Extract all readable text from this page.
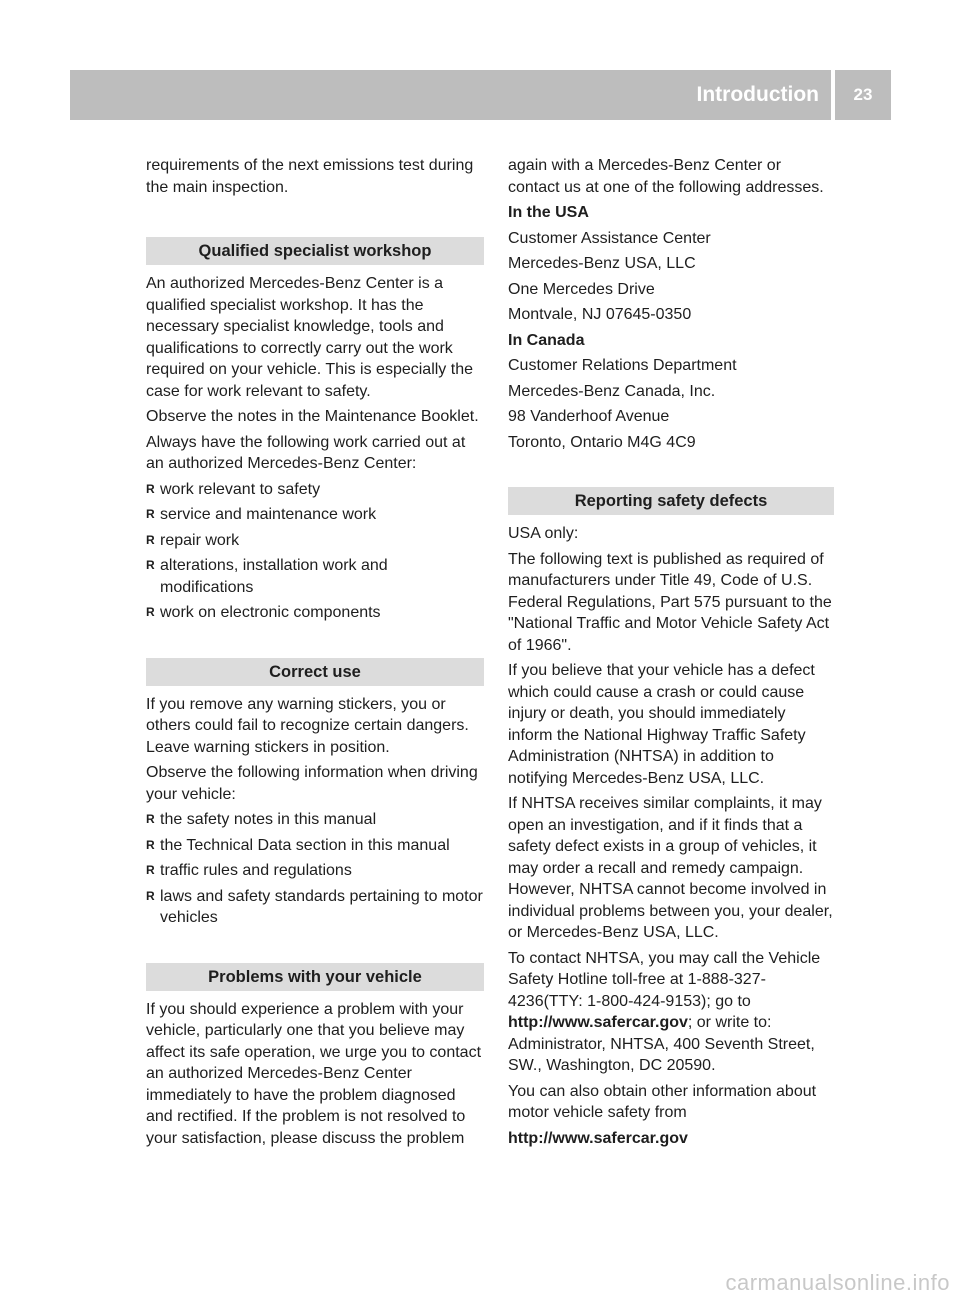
Introduction	23

requirements of the next emissions test during the main inspection.

Qualified specialist workshop

An authorized Mercedes-Benz Center is a qualified specialist workshop. It has the necessary specialist knowledge, tools and qualifications to correctly carry out the work required on your vehicle. This is especially the case for work relevant to safety.

Observe the notes in the Maintenance Booklet.

Always have the following work carried out at an authorized Mercedes-Benz Center:

R work relevant to safety
R service and maintenance work
R repair work
R alterations, installation work and modifications
R work on electronic components
Correct use

If you remove any warning stickers, you or others could fail to recognize certain dangers. Leave warning stickers in position.

Observe the following information when driving your vehicle:

R the safety notes in this manual
R the Technical Data section in this manual
R traffic rules and regulations
R laws and safety standards pertaining to motor vehicles
Problems with your vehicle

If you should experience a problem with your vehicle, particularly one that you believe may affect its safe operation, we urge you to contact an authorized Mercedes-Benz Center immediately to have the problem diagnosed and rectified. If the problem is not resolved to your satisfaction, please discuss the problem

again with a Mercedes-Benz Center or contact us at one of the following addresses.

In the USA

Customer Assistance Center

Mercedes-Benz USA, LLC

One Mercedes Drive

Montvale, NJ 07645-0350

In Canada

Customer Relations Department

Mercedes-Benz Canada, Inc.

98 Vanderhoof Avenue

Toronto, Ontario M4G 4C9

Reporting safety defects

USA only:

The following text is published as required of manufacturers under Title 49, Code of U.S. Federal Regulations, Part 575 pursuant to the "National Traffic and Motor Vehicle Safety Act of 1966".

If you believe that your vehicle has a defect which could cause a crash or could cause injury or death, you should immediately inform the National Highway Traffic Safety Administration (NHTSA) in addition to notifying Mercedes-Benz USA, LLC.

If NHTSA receives similar complaints, it may open an investigation, and if it finds that a safety defect exists in a group of vehicles, it may order a recall and remedy campaign. However, NHTSA cannot become involved in individual problems between you, your dealer, or Mercedes-Benz USA, LLC.

To contact NHTSA, you may call the Vehicle Safety Hotline toll-free at 1-888-327-4236(TTY: 1-800-424-9153); go to http://www.safercar.gov; or write to: Administrator, NHTSA, 400 Seventh Street, SW., Washington, DC 20590.

You can also obtain other information about motor vehicle safety from

http://www.safercar.gov

carmanualsonline.info
